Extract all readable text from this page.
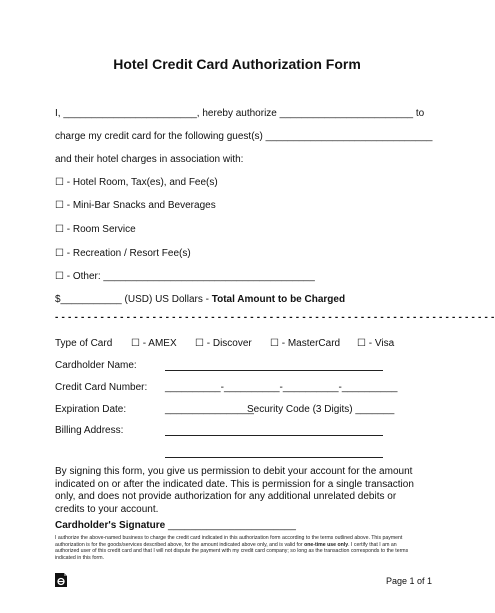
Hotel Credit Card Authorization Form
I, ________________________, hereby authorize ________________________ to
charge my credit card for the following guest(s) ______________________________
and their hotel charges in association with:
☐ - Hotel Room, Tax(es), and Fee(s)
☐ - Mini-Bar Snacks and Beverages
☐ - Room Service
☐ - Recreation / Resort Fee(s)
☐ - Other: ______________________________________
$___________ (USD) US Dollars - Total Amount to be Charged
- - - - - - - - - - - - - - - - - - - - - - - - - - - - - - - - - - - - - - - - - - - - - - - - - - - - - - - - - - - - - - - - - - - -
Type of Card ☐ - AMEX ☐ - Discover ☐ - MasterCard ☐ - Visa
Cardholder Name:
Credit Card Number: __________-__________-__________-__________
Expiration Date:	________________
Security Code (3 Digits) _______
Billing Address:
By signing this form, you give us permission to debit your account for the amount indicated on or after the indicated date. This is permission for a single transaction only, and does not provide authorization for any additional unrelated debits or credits to your account.
Cardholder's Signature _______________________
I authorize the above-named business to charge the credit card indicated in this authorization form according to the terms outlined above. This payment authorization is for the goods/services described above, for the amount indicated above only, and is valid for one-time use only. I certify that I am an authorized user of this credit card and that I will not dispute the payment with my credit card company; so long as the transaction corresponds to the terms indicated in this form.
Page 1 of 1
